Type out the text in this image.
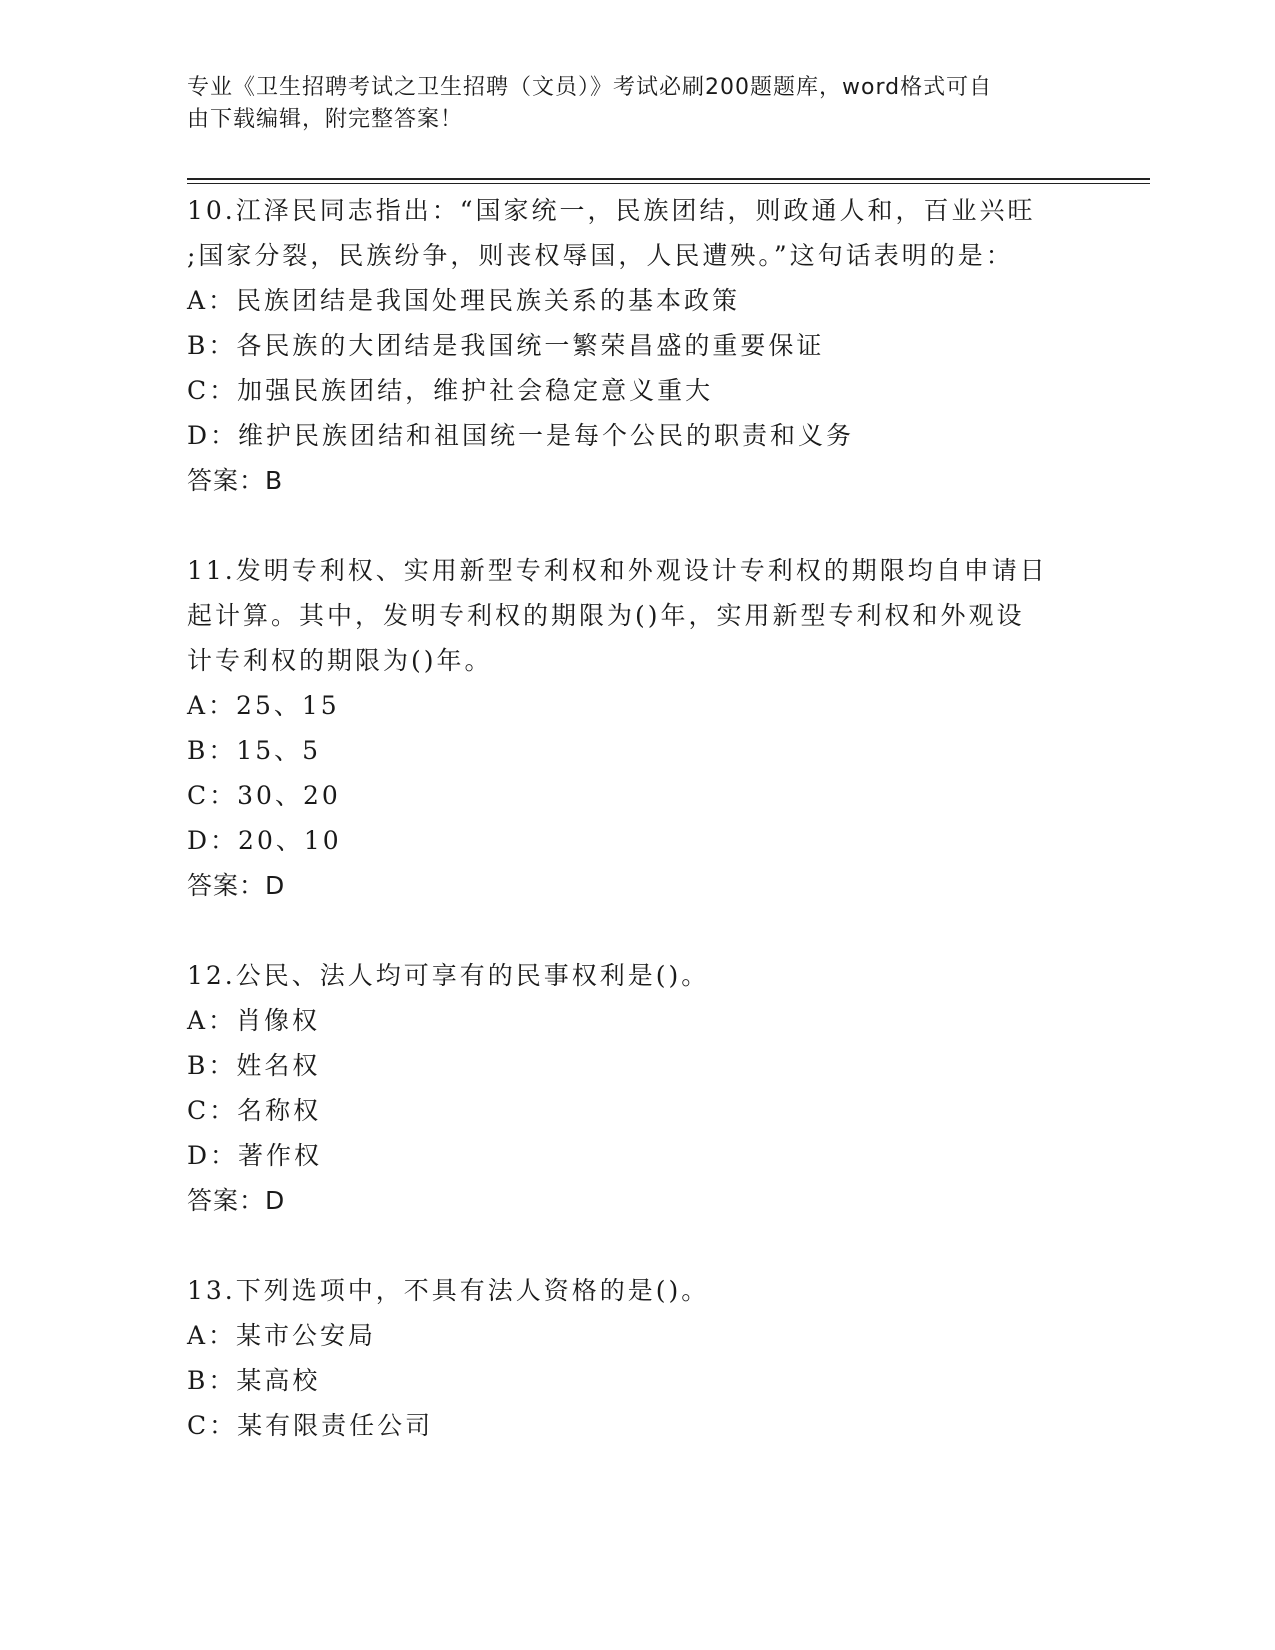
专业《卫生招聘考试之卫生招聘（文员）》考试必刷200题题库，word格式可自
由下载编辑，附完整答案！

10.江泽民同志指出：“国家统一，民族团结，则政通人和，百业兴旺

;国家分裂，民族纷争，则丧权辱国，人民遭殃。”这句话表明的是：

A：民族团结是我国处理民族关系的基本政策

B：各民族的大团结是我国统一繁荣昌盛的重要保证

C：加强民族团结，维护社会稳定意义重大

D：维护民族团结和祖国统一是每个公民的职责和义务

答案：B

11.发明专利权、实用新型专利权和外观设计专利权的期限均自申请日

起计算。其中，发明专利权的期限为()年，实用新型专利权和外观设

计专利权的期限为()年。

A：25、15

B：15、5

C：30、20

D：20、10

答案：D

12.公民、法人均可享有的民事权利是()。

A：肖像权

B：姓名权

C：名称权

D：著作权

答案：D

13.下列选项中，不具有法人资格的是()。

A：某市公安局

B：某高校

C：某有限责任公司
